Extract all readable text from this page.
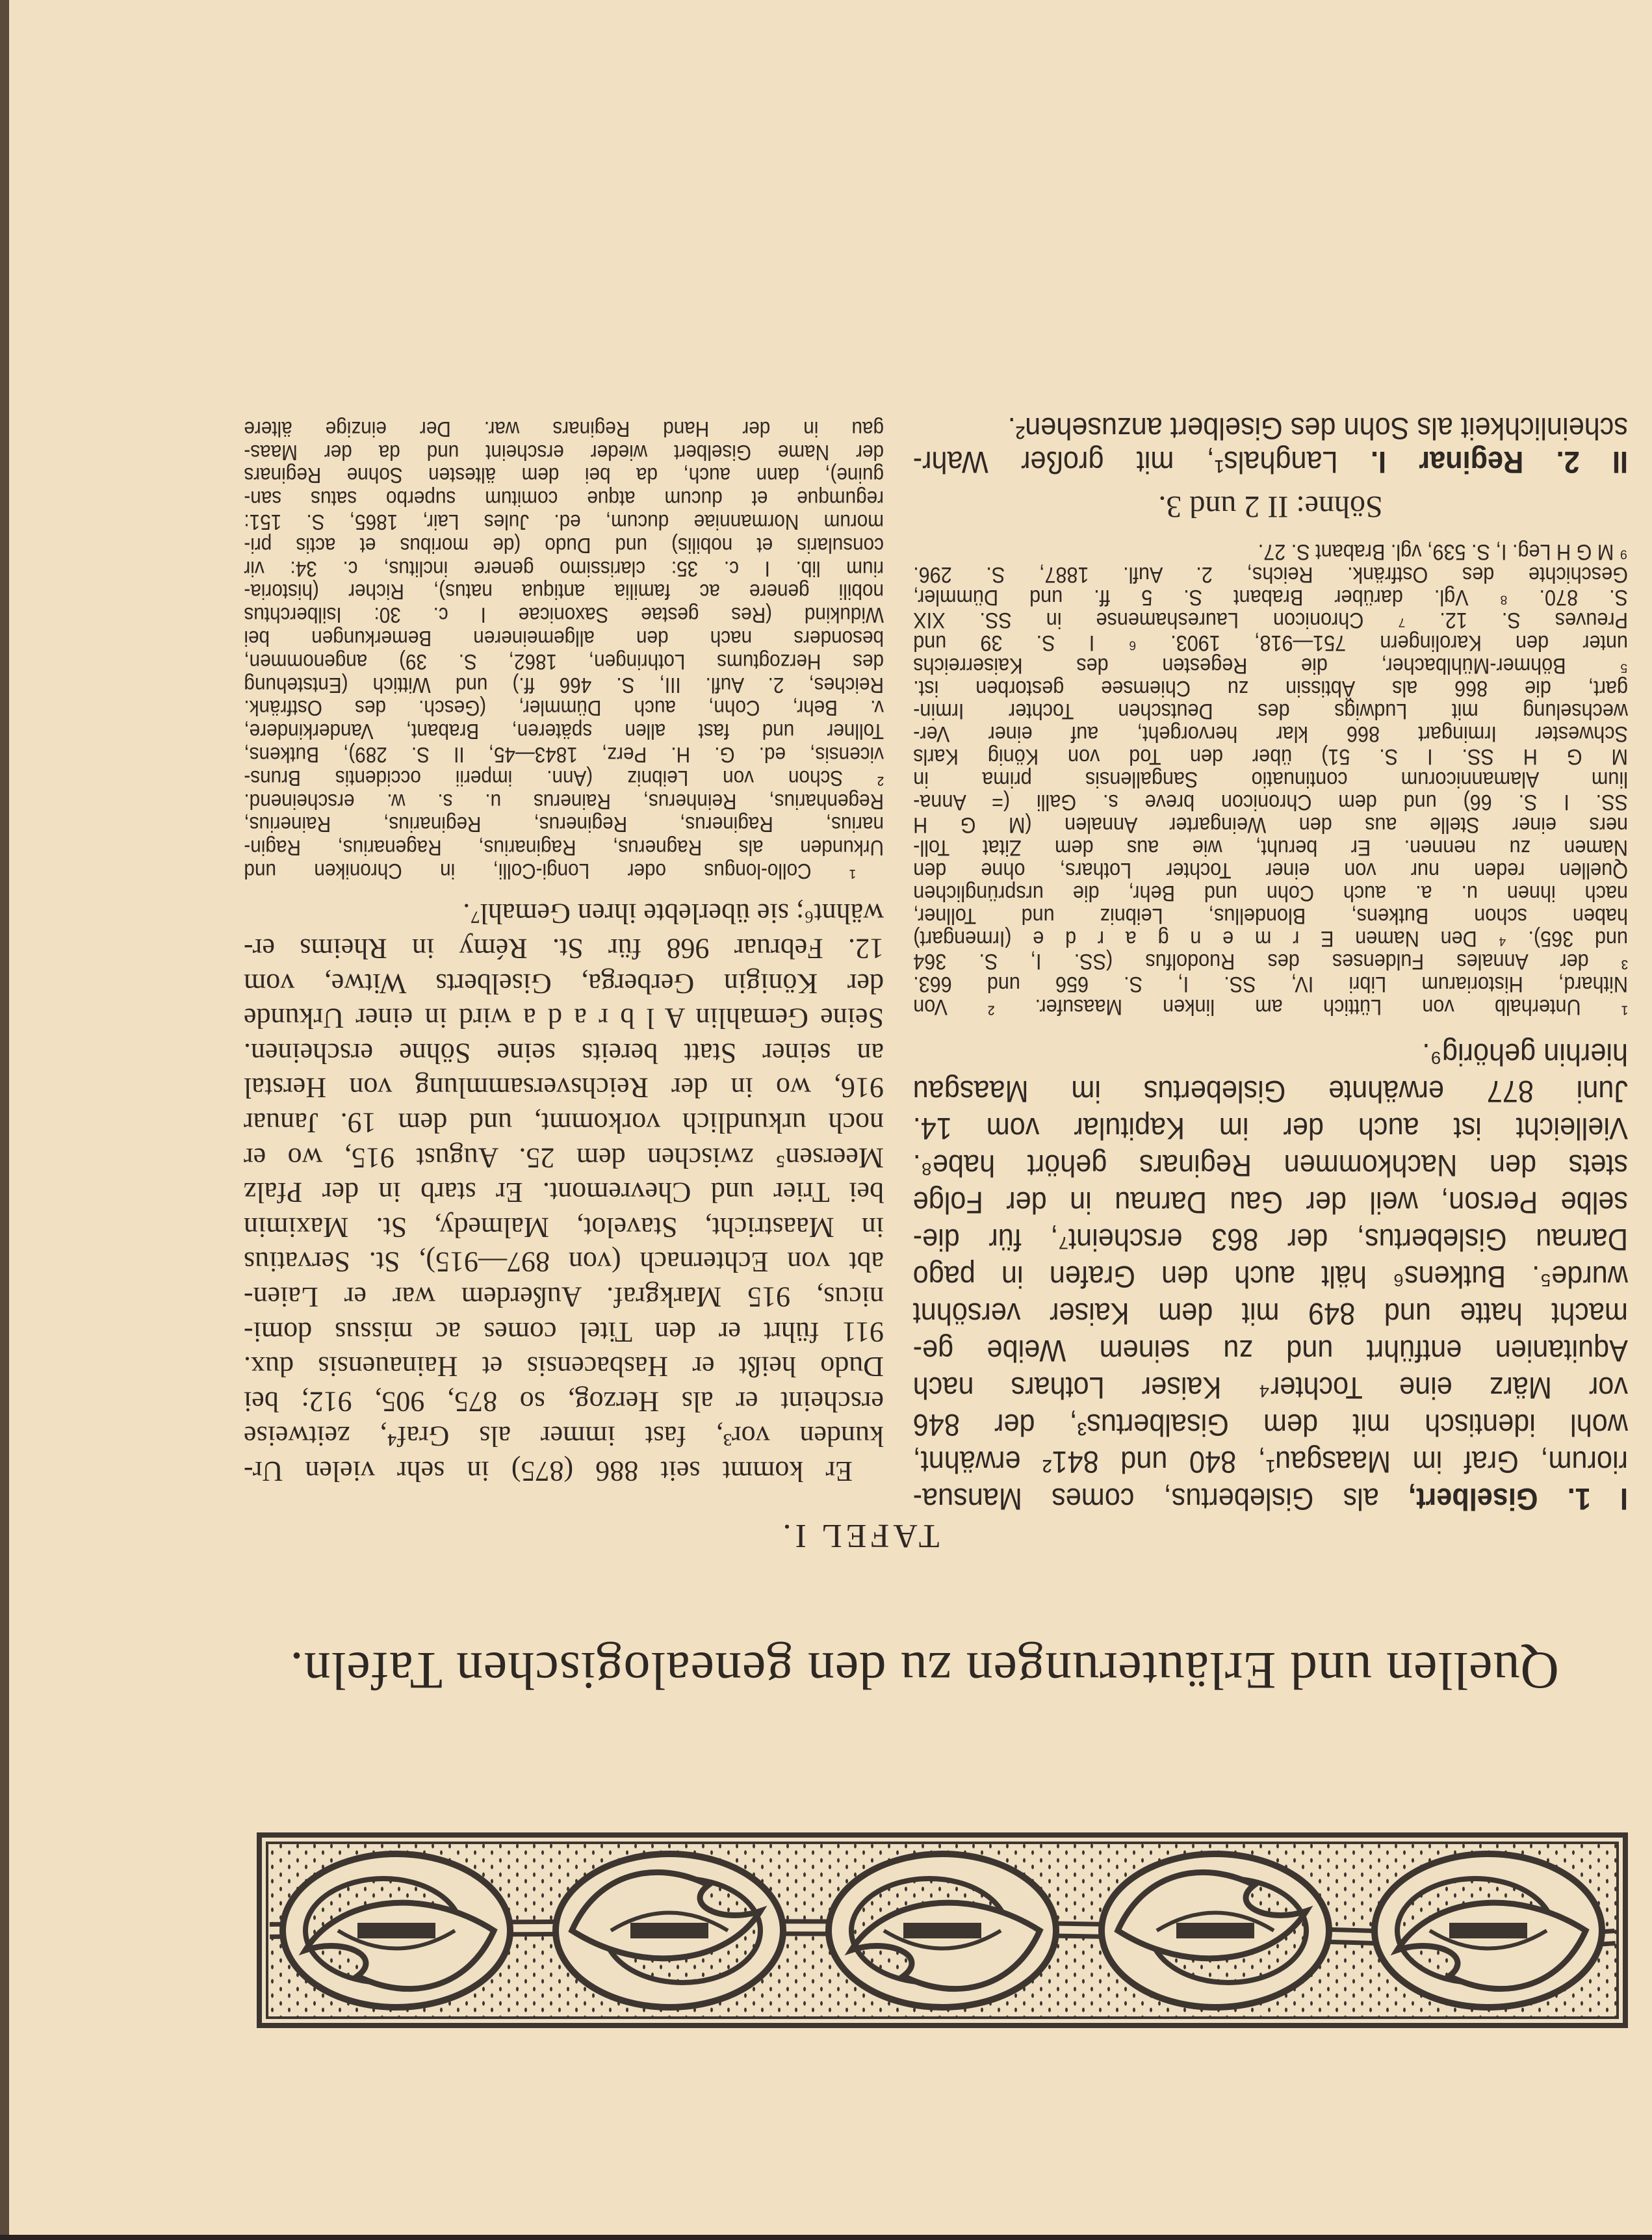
Quellen und Erläuterungen zu den genealogischen Tafeln.
TAFEL I.
I 1. Giselbert, als Gislebertus, comes Mansua-
riorum, Graf im Maasgau¹, 840 und 841² erwähnt,
wohl identisch mit dem Gisalbertus³, der 846
vor März eine Tochter⁴ Kaiser Lothars nach
Aquitanien entführt und zu seinem Weibe ge-
macht hatte und 849 mit dem Kaiser versöhnt
wurde⁵. Butkens⁶ hält auch den Grafen in pago
Darnau Gislebertus, der 863 erscheint⁷, für die-
selbe Person, weil der Gau Darnau in der Folge
stets den Nachkommen Reginars gehört habe⁸.
Vielleicht ist auch der im Kapitular vom 14.
Juni 877 erwähnte Gislebertus im Maasgau
hierhin gehörig⁹.
¹ Unterhalb von Lüttich am linken Maasufer. ² Von
Nithard, Historiarum Libri IV, SS. I, S. 656 und 663.
³ der Annales Fuldenses des Ruodolfus (SS. I, S. 364
und 365). ⁴ Den Namen E r m e n g a r d e (Irmengart)
haben schon Butkens, Blondellus, Leibniz und Tollner,
nach ihnen u. a. auch Cohn und Behr, die ursprünglichen
Quellen reden nur von einer Tochter Lothars, ohne den
Namen zu nennen. Er beruht, wie aus dem Zitat Toll-
ners einer Stelle aus den Weingarter Annalen (M G H
SS. I S. 66) und dem Chronicon breve s. Galli (= Anna-
lium Alamannicorum continuatio Sangallensis prima in
M G H SS. I S. 51) über den Tod von König Karls
Schwester Irmingart 866 klar hervorgeht, auf einer Ver-
wechselung mit Ludwigs des Deutschen Tochter Irmin-
gart, die 866 als Äbtissin zu Chiemsee gestorben ist.
⁵ Böhmer-Mühlbacher, die Regesten des Kaiserreichs
unter den Karolingern 751—918, 1903. ⁶ I S. 39 und
Preuves S. 12. ⁷ Chronicon Laureshamense in SS. XIX
S. 870. ⁸ Vgl. darüber Brabant S. 5 ff. und Dümmler,
Geschichte des Ostfränk. Reichs, 2. Aufl. 1887, S. 296.
⁹ M G H Leg. I, S. 539, vgl. Brabant S. 27.
Söhne: II 2 und 3.
II 2. Reginar I. Langhals¹, mit großer Wahr-
scheinlichkeit als Sohn des Giselbert anzusehen².
Er kommt seit 886 (875) in sehr vielen Ur-
kunden vor³, fast immer als Graf⁴, zeitweise
erscheint er als Herzog, so 875, 905, 912; bei
Dudo heißt er Hasbacensis et Hainauensis dux.
911 führt er den Titel comes ac missus domi-
nicus, 915 Markgraf. Außerdem war er Laien-
abt von Echternach (von 897—915), St. Servatius
in Maastricht, Stavelot, Malmedy, St. Maximin
bei Trier und Chevremont. Er starb in der Pfalz
Meersen⁵ zwischen dem 25. August 915, wo er
noch urkundlich vorkommt, und dem 19. Januar
916, wo in der Reichsversammlung von Herstal
an seiner Statt bereits seine Söhne erscheinen.
Seine Gemahlin A l b r a d a wird in einer Urkunde
der Königin Gerberga, Giselberts Witwe, vom
12. Februar 968 für St. Rémy in Rheims er-
wähnt⁶; sie überlebte ihren Gemahl⁷.
¹ Collo-longus oder Longi-Colli, in Chroniken und
Urkunden als Ragnerus, Raginarius, Ragenarius, Ragin-
narius, Raginerus, Reginerus, Reginarius, Rainerius,
Regenharius, Reinherus, Rainerus u. s. w. erscheinend.
² Schon von Leibniz (Ann. imperii occidentis Bruns-
vicensis, ed. G. H. Perz, 1843—45, II S. 289), Butkens,
Tollner und fast allen späteren, Brabant, Vanderkindere,
v. Behr, Cohn, auch Dümmler, (Gesch. des Ostfränk.
Reiches, 2. Aufl. III, S. 466 ff.) und Wittich (Entstehung
des Herzogtums Lothringen, 1862, S. 39) angenommen,
besonders nach den allgemeineren Bemerkungen bei
Widukind (Res gestae Saxonicae I c. 30: Isilberchtus
nobili genere ac familia antiqua natus), Richer (historia-
rium lib. I c. 35: clarissimo genere inclitus, c. 34: vir
consularis et nobilis) und Dudo (de moribus et actis pri-
morum Normanniae ducum, ed. Jules Lair, 1865, S. 151:
regumque et ducum atque comitum superbo satus san-
guine), dann auch, da bei dem ältesten Sohne Reginars
der Name Giselbert wieder erscheint und da der Maas-
gau in der Hand Reginars war. Der einzige ältere
